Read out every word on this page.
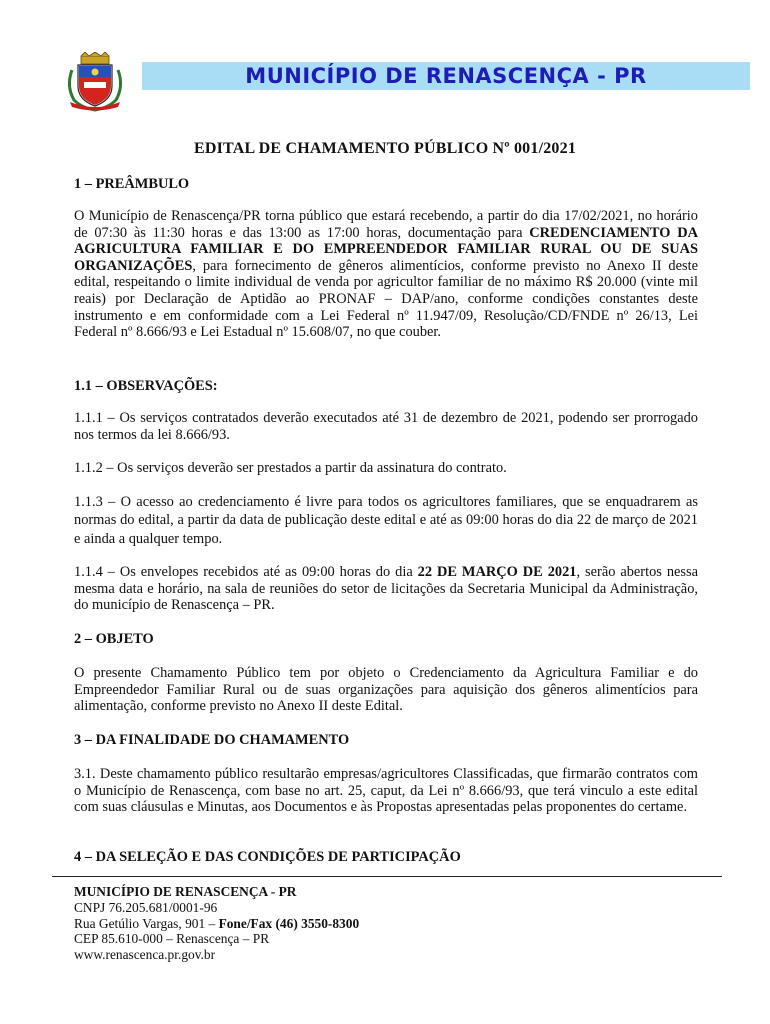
MUNICÍPIO DE RENASCENÇA - PR
EDITAL DE CHAMAMENTO PÚBLICO Nº 001/2021
1 – PREÂMBULO
O Município de Renascença/PR torna público que estará recebendo, a partir do dia 17/02/2021, no horário de 07:30 às 11:30 horas e das 13:00 as 17:00 horas, documentação para CREDENCIAMENTO DA AGRICULTURA FAMILIAR E DO EMPREENDEDOR FAMILIAR RURAL OU DE SUAS ORGANIZAÇÕES, para fornecimento de gêneros alimentícios, conforme previsto no Anexo II deste edital, respeitando o limite individual de venda por agricultor familiar de no máximo R$ 20.000 (vinte mil reais) por Declaração de Aptidão ao PRONAF – DAP/ano, conforme condições constantes deste instrumento e em conformidade com a Lei Federal nº 11.947/09, Resolução/CD/FNDE nº 26/13, Lei Federal nº 8.666/93 e Lei Estadual nº 15.608/07, no que couber.
1.1 – OBSERVAÇÕES:
1.1.1 – Os serviços contratados deverão executados até 31 de dezembro de 2021, podendo ser prorrogado nos termos da lei 8.666/93.
1.1.2 – Os serviços deverão ser prestados a partir da assinatura do contrato.
1.1.3 – O acesso ao credenciamento é livre para todos os agricultores familiares, que se enquadrarem as normas do edital, a partir da data de publicação deste edital e até as 09:00 horas do dia 22 de março de 2021 e ainda a qualquer tempo.
1.1.4 – Os envelopes recebidos até as 09:00 horas do dia 22 DE MARÇO DE 2021, serão abertos nessa mesma data e horário, na sala de reuniões do setor de licitações da Secretaria Municipal da Administração, do município de Renascença – PR.
2 – OBJETO
O presente Chamamento Público tem por objeto o Credenciamento da Agricultura Familiar e do Empreendedor Familiar Rural ou de suas organizações para aquisição dos gêneros alimentícios para alimentação, conforme previsto no Anexo II deste Edital.
3 – DA FINALIDADE DO CHAMAMENTO
3.1. Deste chamamento público resultarão empresas/agricultores Classificadas, que firmarão contratos com o Município de Renascença, com base no art. 25, caput, da Lei nº 8.666/93, que terá vinculo a este edital com suas cláusulas e Minutas, aos Documentos e às Propostas apresentadas pelas proponentes do certame.
4 – DA SELEÇÃO E DAS CONDIÇÕES DE PARTICIPAÇÃO
MUNICÍPIO DE RENASCENÇA - PR
CNPJ 76.205.681/0001-96
Rua Getúlio Vargas, 901 – Fone/Fax (46) 3550-8300
CEP 85.610-000 – Renascença – PR
www.renascenca.pr.gov.br
